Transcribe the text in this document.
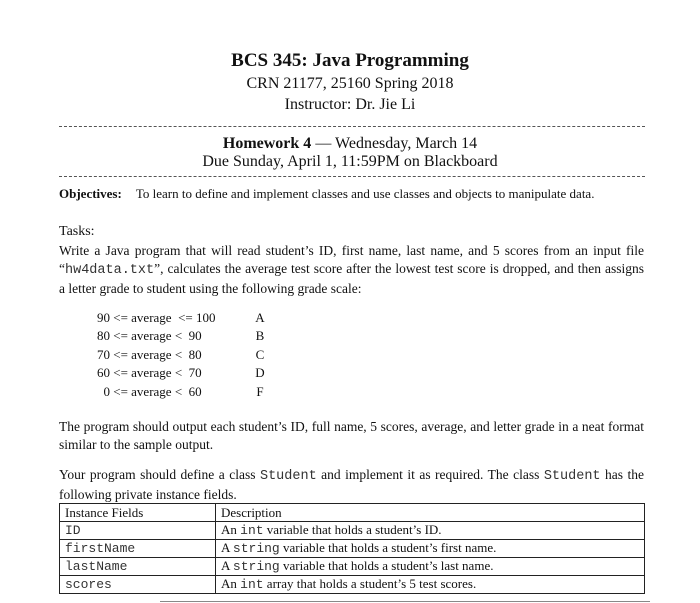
BCS 345: Java Programming
CRN 21177, 25160 Spring 2018
Instructor: Dr. Jie Li
Homework 4 — Wednesday, March 14
Due Sunday, April 1, 11:59PM on Blackboard
Objectives: To learn to define and implement classes and use classes and objects to manipulate data.
Tasks:
Write a Java program that will read student’s ID, first name, last name, and 5 scores from an input file “hw4data.txt”, calculates the average test score after the lowest test score is dropped, and then assigns a letter grade to student using the following grade scale:
90 <= average  <= 100	A
80 <= average <  90	B
70 <= average <  80	C
60 <= average <  70	D
0 <= average <  60	F
The program should output each student’s ID, full name, 5 scores, average, and letter grade in a neat format similar to the sample output.
Your program should define a class Student and implement it as required. The class Student has the following private instance fields.
Instance Fields	Description
ID	An int variable that holds a student’s ID.
firstName	A string variable that holds a student’s first name.
lastName	A string variable that holds a student’s last name.
scores	An int array that holds a student’s 5 test scores.
